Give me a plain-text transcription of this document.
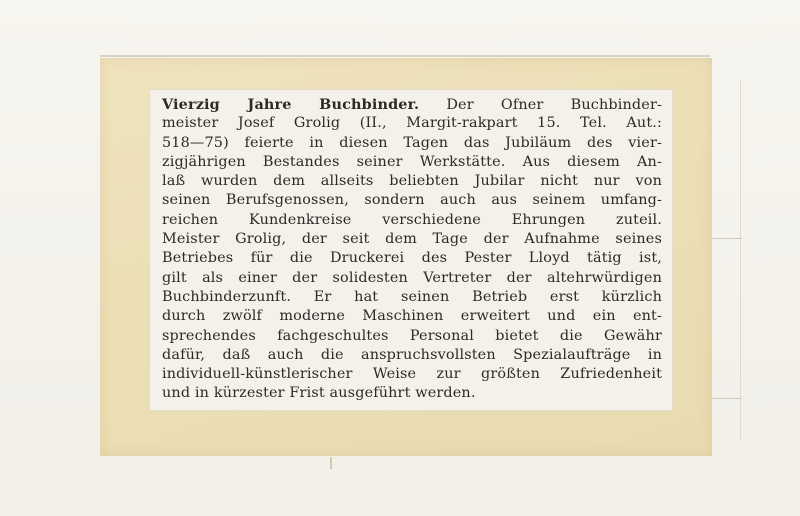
Vierzig Jahre Buchbinder. Der Ofner Buchbinder-
meister Josef Grolig (II., Margit-rakpart 15. Tel. Aut.:
518—75) feierte in diesen Tagen das Jubiläum des vier-
zigjährigen Bestandes seiner Werkstätte. Aus diesem An-
laß wurden dem allseits beliebten Jubilar nicht nur von
seinen Berufsgenossen, sondern auch aus seinem umfang-
reichen Kundenkreise verschiedene Ehrungen zuteil.
Meister Grolig, der seit dem Tage der Aufnahme seines
Betriebes für die Druckerei des Pester Lloyd tätig ist,
gilt als einer der solidesten Vertreter der altehrwürdigen
Buchbinderzunft. Er hat seinen Betrieb erst kürzlich
durch zwölf moderne Maschinen erweitert und ein ent-
sprechendes fachgeschultes Personal bietet die Gewähr
dafür, daß auch die anspruchsvollsten Spezialaufträge in
individuell-künstlerischer Weise zur größten Zufriedenheit
und in kürzester Frist ausgeführt werden.
